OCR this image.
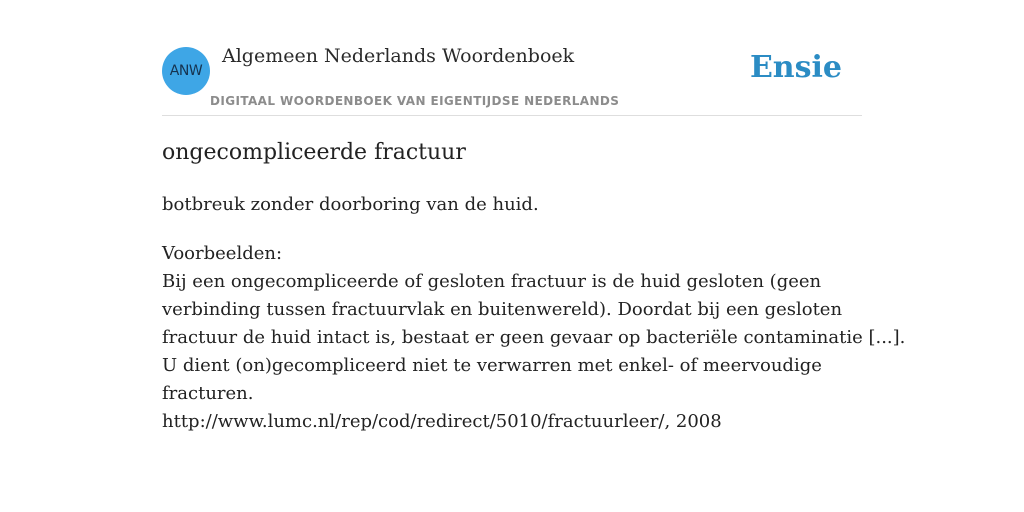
ANW
Algemeen Nederlands Woordenboek
DIGITAAL WOORDENBOEK VAN EIGENTIJDSE NEDERLANDS
Ensie
ongecompliceerde fractuur

botbreuk zonder doorboring van de huid.

Voorbeelden:
Bij een ongecompliceerde of gesloten fractuur is de huid gesloten (geen
verbinding tussen fractuurvlak en buitenwereld). Doordat bij een gesloten
fractuur de huid intact is, bestaat er geen gevaar op bacteriële contaminatie [...].
U dient (on)gecompliceerd niet te verwarren met enkel- of meervoudige
fracturen.
http://www.lumc.nl/rep/cod/redirect/5010/fractuurleer/, 2008
